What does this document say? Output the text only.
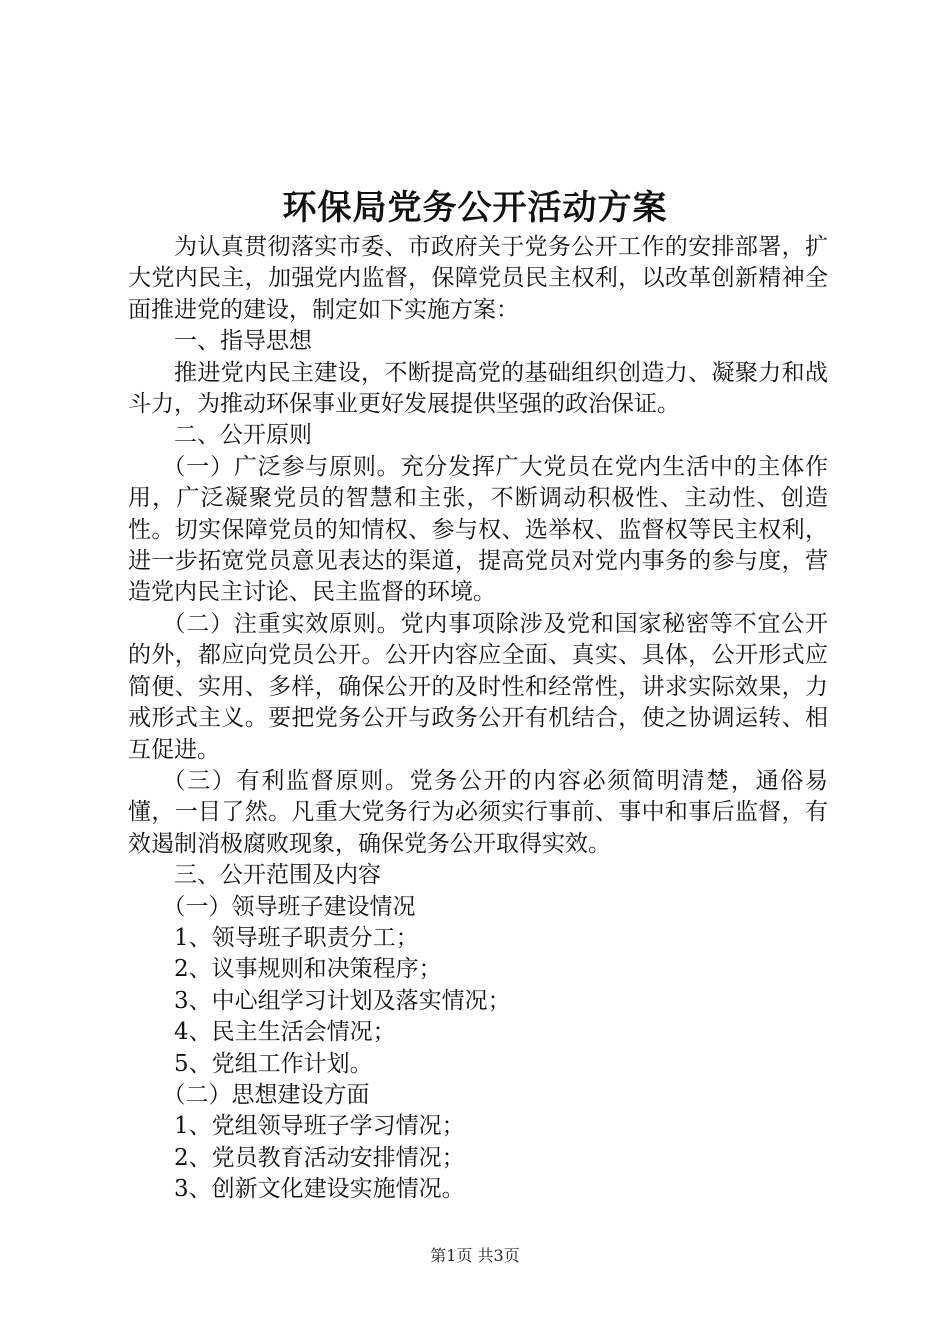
环保局党务公开活动方案

为认真贯彻落实市委、市政府关于党务公开工作的安排部署，扩大党内民主，加强党内监督，保障党员民主权利，以改革创新精神全面推进党的建设，制定如下实施方案：

一、指导思想

推进党内民主建设，不断提高党的基础组织创造力、凝聚力和战斗力，为推动环保事业更好发展提供坚强的政治保证。

二、公开原则

（一）广泛参与原则。充分发挥广大党员在党内生活中的主体作用，广泛凝聚党员的智慧和主张，不断调动积极性、主动性、创造性。切实保障党员的知情权、参与权、选举权、监督权等民主权利，进一步拓宽党员意见表达的渠道，提高党员对党内事务的参与度，营造党内民主讨论、民主监督的环境。

（二）注重实效原则。党内事项除涉及党和国家秘密等不宜公开的外，都应向党员公开。公开内容应全面、真实、具体，公开形式应简便、实用、多样，确保公开的及时性和经常性，讲求实际效果，力戒形式主义。要把党务公开与政务公开有机结合，使之协调运转、相互促进。

（三）有利监督原则。党务公开的内容必须简明清楚，通俗易懂，一目了然。凡重大党务行为必须实行事前、事中和事后监督，有效遏制消极腐败现象，确保党务公开取得实效。

三、公开范围及内容

（一）领导班子建设情况

1、领导班子职责分工；

2、议事规则和决策程序；

3、中心组学习计划及落实情况；

4、民主生活会情况；

5、党组工作计划。

（二）思想建设方面

1、党组领导班子学习情况；

2、党员教育活动安排情况；

3、创新文化建设实施情况。

第1页 共3页
